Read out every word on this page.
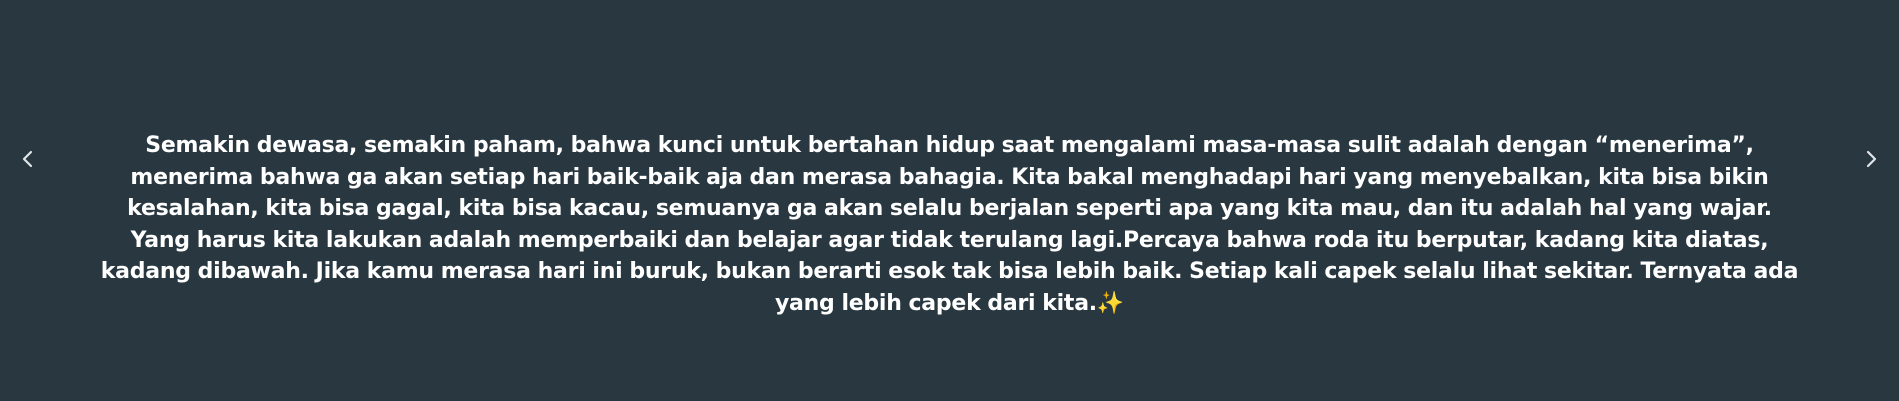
Semakin dewasa, semakin paham, bahwa kunci untuk bertahan hidup saat mengalami masa-masa sulit adalah dengan “menerima”, menerima bahwa ga akan setiap hari baik-baik aja dan merasa bahagia. Kita bakal menghadapi hari yang menyebalkan, kita bisa bikin kesalahan, kita bisa gagal, kita bisa kacau, semuanya ga akan selalu berjalan seperti apa yang kita mau, dan itu adalah hal yang wajar. Yang harus kita lakukan adalah memperbaiki dan belajar agar tidak terulang lagi.Percaya bahwa roda itu berputar, kadang kita diatas, kadang dibawah. Jika kamu merasa hari ini buruk, bukan berarti esok tak bisa lebih baik. Setiap kali capek selalu lihat sekitar. Ternyata ada yang lebih capek dari kita.✨
